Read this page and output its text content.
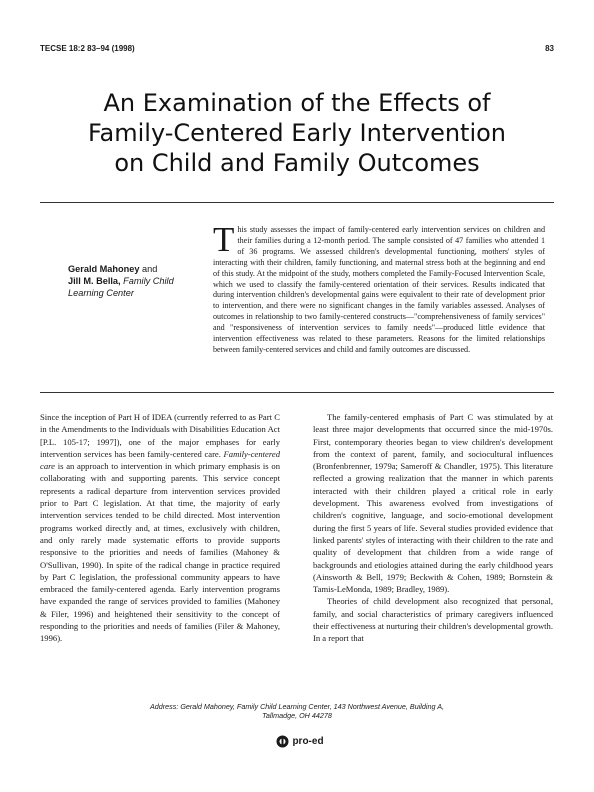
TECSE 18:2 83–94 (1998)	83
An Examination of the Effects of
Family-Centered Early Intervention
on Child and Family Outcomes
Gerald Mahoney and
Jill M. Bella, Family Child
Learning Center
This study assesses the impact of family-centered early intervention services on children and their families during a 12-month period. The sample consisted of 47 families who attended 1 of 36 programs. We assessed children's developmental functioning, mothers' styles of interacting with their children, family functioning, and maternal stress both at the beginning and end of this study. At the midpoint of the study, mothers completed the Family-Focused Intervention Scale, which we used to classify the family-centered orientation of their services. Results indicated that during intervention children's developmental gains were equivalent to their rate of development prior to intervention, and there were no significant changes in the family variables assessed. Analyses of outcomes in relationship to two family-centered constructs—"comprehensiveness of family services" and "responsiveness of intervention services to family needs"—produced little evidence that intervention effectiveness was related to these parameters. Reasons for the limited relationships between family-centered services and child and family outcomes are discussed.

Since the inception of Part H of IDEA (currently referred to as Part C in the Amendments to the Individuals with Disabilities Education Act [P.L. 105-17; 1997]), one of the major emphases for early intervention services has been family-centered care. Family-centered care is an approach to intervention in which primary emphasis is on collaborating with and supporting parents. This service concept represents a radical departure from intervention services provided prior to Part C legislation. At that time, the majority of early intervention services tended to be child directed. Most intervention programs worked directly and, at times, exclusively with children, and only rarely made systematic efforts to provide supports responsive to the priorities and needs of families (Mahoney & O'Sullivan, 1990). In spite of the radical change in practice required by Part C legislation, the professional community appears to have embraced the family-centered agenda. Early intervention programs have expanded the range of services provided to families (Mahoney & Filer, 1996) and heightened their sensitivity to the concept of responding to the priorities and needs of families (Filer & Mahoney, 1996).

The family-centered emphasis of Part C was stimulated by at least three major developments that occurred since the mid-1970s. First, contemporary theories began to view children's development from the context of parent, family, and sociocultural influences (Bronfenbrenner, 1979a; Sameroff & Chandler, 1975). This literature reflected a growing realization that the manner in which parents interacted with their children played a critical role in early development. This awareness evolved from investigations of children's cognitive, language, and socio-emotional development during the first 5 years of life. Several studies provided evidence that linked parents' styles of interacting with their children to the rate and quality of development that children from a wide range of backgrounds and etiologies attained during the early childhood years (Ainsworth & Bell, 1979; Beckwith & Cohen, 1989; Bornstein & Tamis-LeMonda, 1989; Bradley, 1989).

Theories of child development also recognized that personal, family, and social characteristics of primary caregivers influenced their effectiveness at nurturing their children's developmental growth. In a report that

Address: Gerald Mahoney, Family Child Learning Center, 143 Northwest Avenue, Building A,
Tallmadge, OH 44278
pro-ed
